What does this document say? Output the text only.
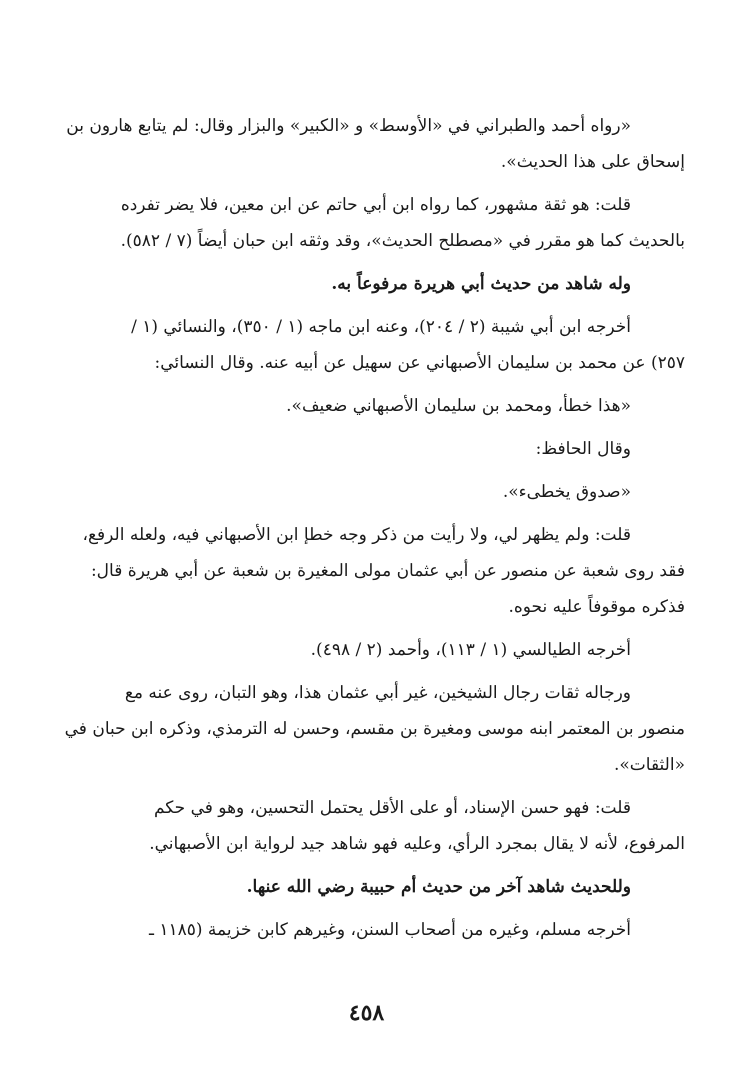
«رواه أحمد والطبراني في «الأوسط» و «الكبير» والبزار وقال: لم يتابع هارون بن
إسحاق على هذا الحديث».
قلت: هو ثقة مشهور، كما رواه ابن أبي حاتم عن ابن معين، فلا يضر تفرده
بالحديث كما هو مقرر في «مصطلح الحديث»، وقد وثقه ابن حبان أيضاً (٧ / ٥٨٢).
وله شاهد من حديث أبي هريرة مرفوعاً به.
أخرجه ابن أبي شيبة (٢ / ٢٠٤)، وعنه ابن ماجه (١ / ٣٥٠)، والنسائي (١ /
٢٥٧) عن محمد بن سليمان الأصبهاني عن سهيل عن أبيه عنه. وقال النسائي:
«هذا خطأ، ومحمد بن سليمان الأصبهاني ضعيف».
وقال الحافظ:
«صدوق يخطىء».
قلت: ولم يظهر لي، ولا رأيت من ذكر وجه خطإ ابن الأصبهاني فيه، ولعله الرفع،
فقد روى شعبة عن منصور عن أبي عثمان مولى المغيرة بن شعبة عن أبي هريرة قال:
فذكره موقوفاً عليه نحوه.
أخرجه الطيالسي (١ / ١١٣)، وأحمد (٢ / ٤٩٨).
ورجاله ثقات رجال الشيخين، غير أبي عثمان هذا، وهو التبان، روى عنه مع
منصور بن المعتمر ابنه موسى ومغيرة بن مقسم، وحسن له الترمذي، وذكره ابن حبان في
«الثقات».
قلت: فهو حسن الإسناد، أو على الأقل يحتمل التحسين، وهو في حكم
المرفوع، لأنه لا يقال بمجرد الرأي، وعليه فهو شاهد جيد لرواية ابن الأصبهاني.
وللحديث شاهد آخر من حديث أم حبيبة رضي الله عنها.
أخرجه مسلم، وغيره من أصحاب السنن، وغيرهم كابن خزيمة (١١٨٥ ـ
٤٥٨
